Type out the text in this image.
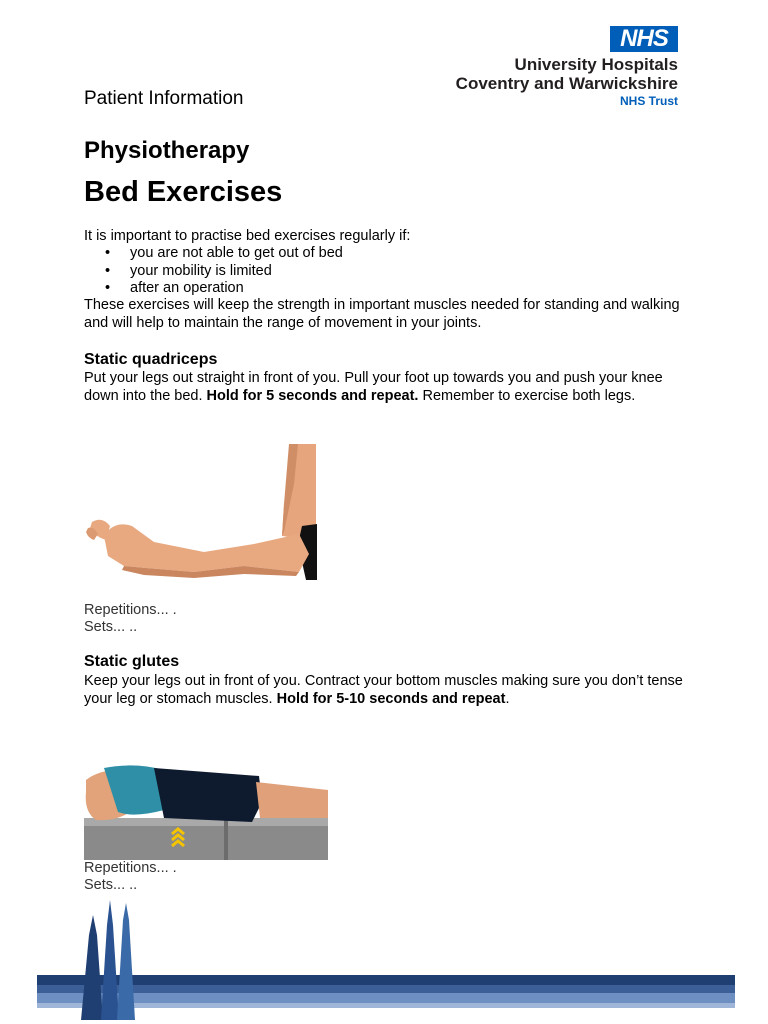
NHS
University Hospitals
Coventry and Warwickshire
NHS Trust
Patient Information
Physiotherapy
Bed Exercises
It is important to practise bed exercises regularly if:
• you are not able to get out of bed
• your mobility is limited
• after an operation
These exercises will keep the strength in important muscles needed for standing and walking and will help to maintain the range of movement in your joints.
Static quadriceps
Put your legs out straight in front of you. Pull your foot up towards you and push your knee down into the bed. Hold for 5 seconds and repeat. Remember to exercise both legs.
Repetitions... .
Sets... ..
Static glutes
Keep your legs out in front of you. Contract your bottom muscles making sure you don’t tense your leg or stomach muscles. Hold for 5-10 seconds and repeat.
Repetitions... .
Sets... ..
